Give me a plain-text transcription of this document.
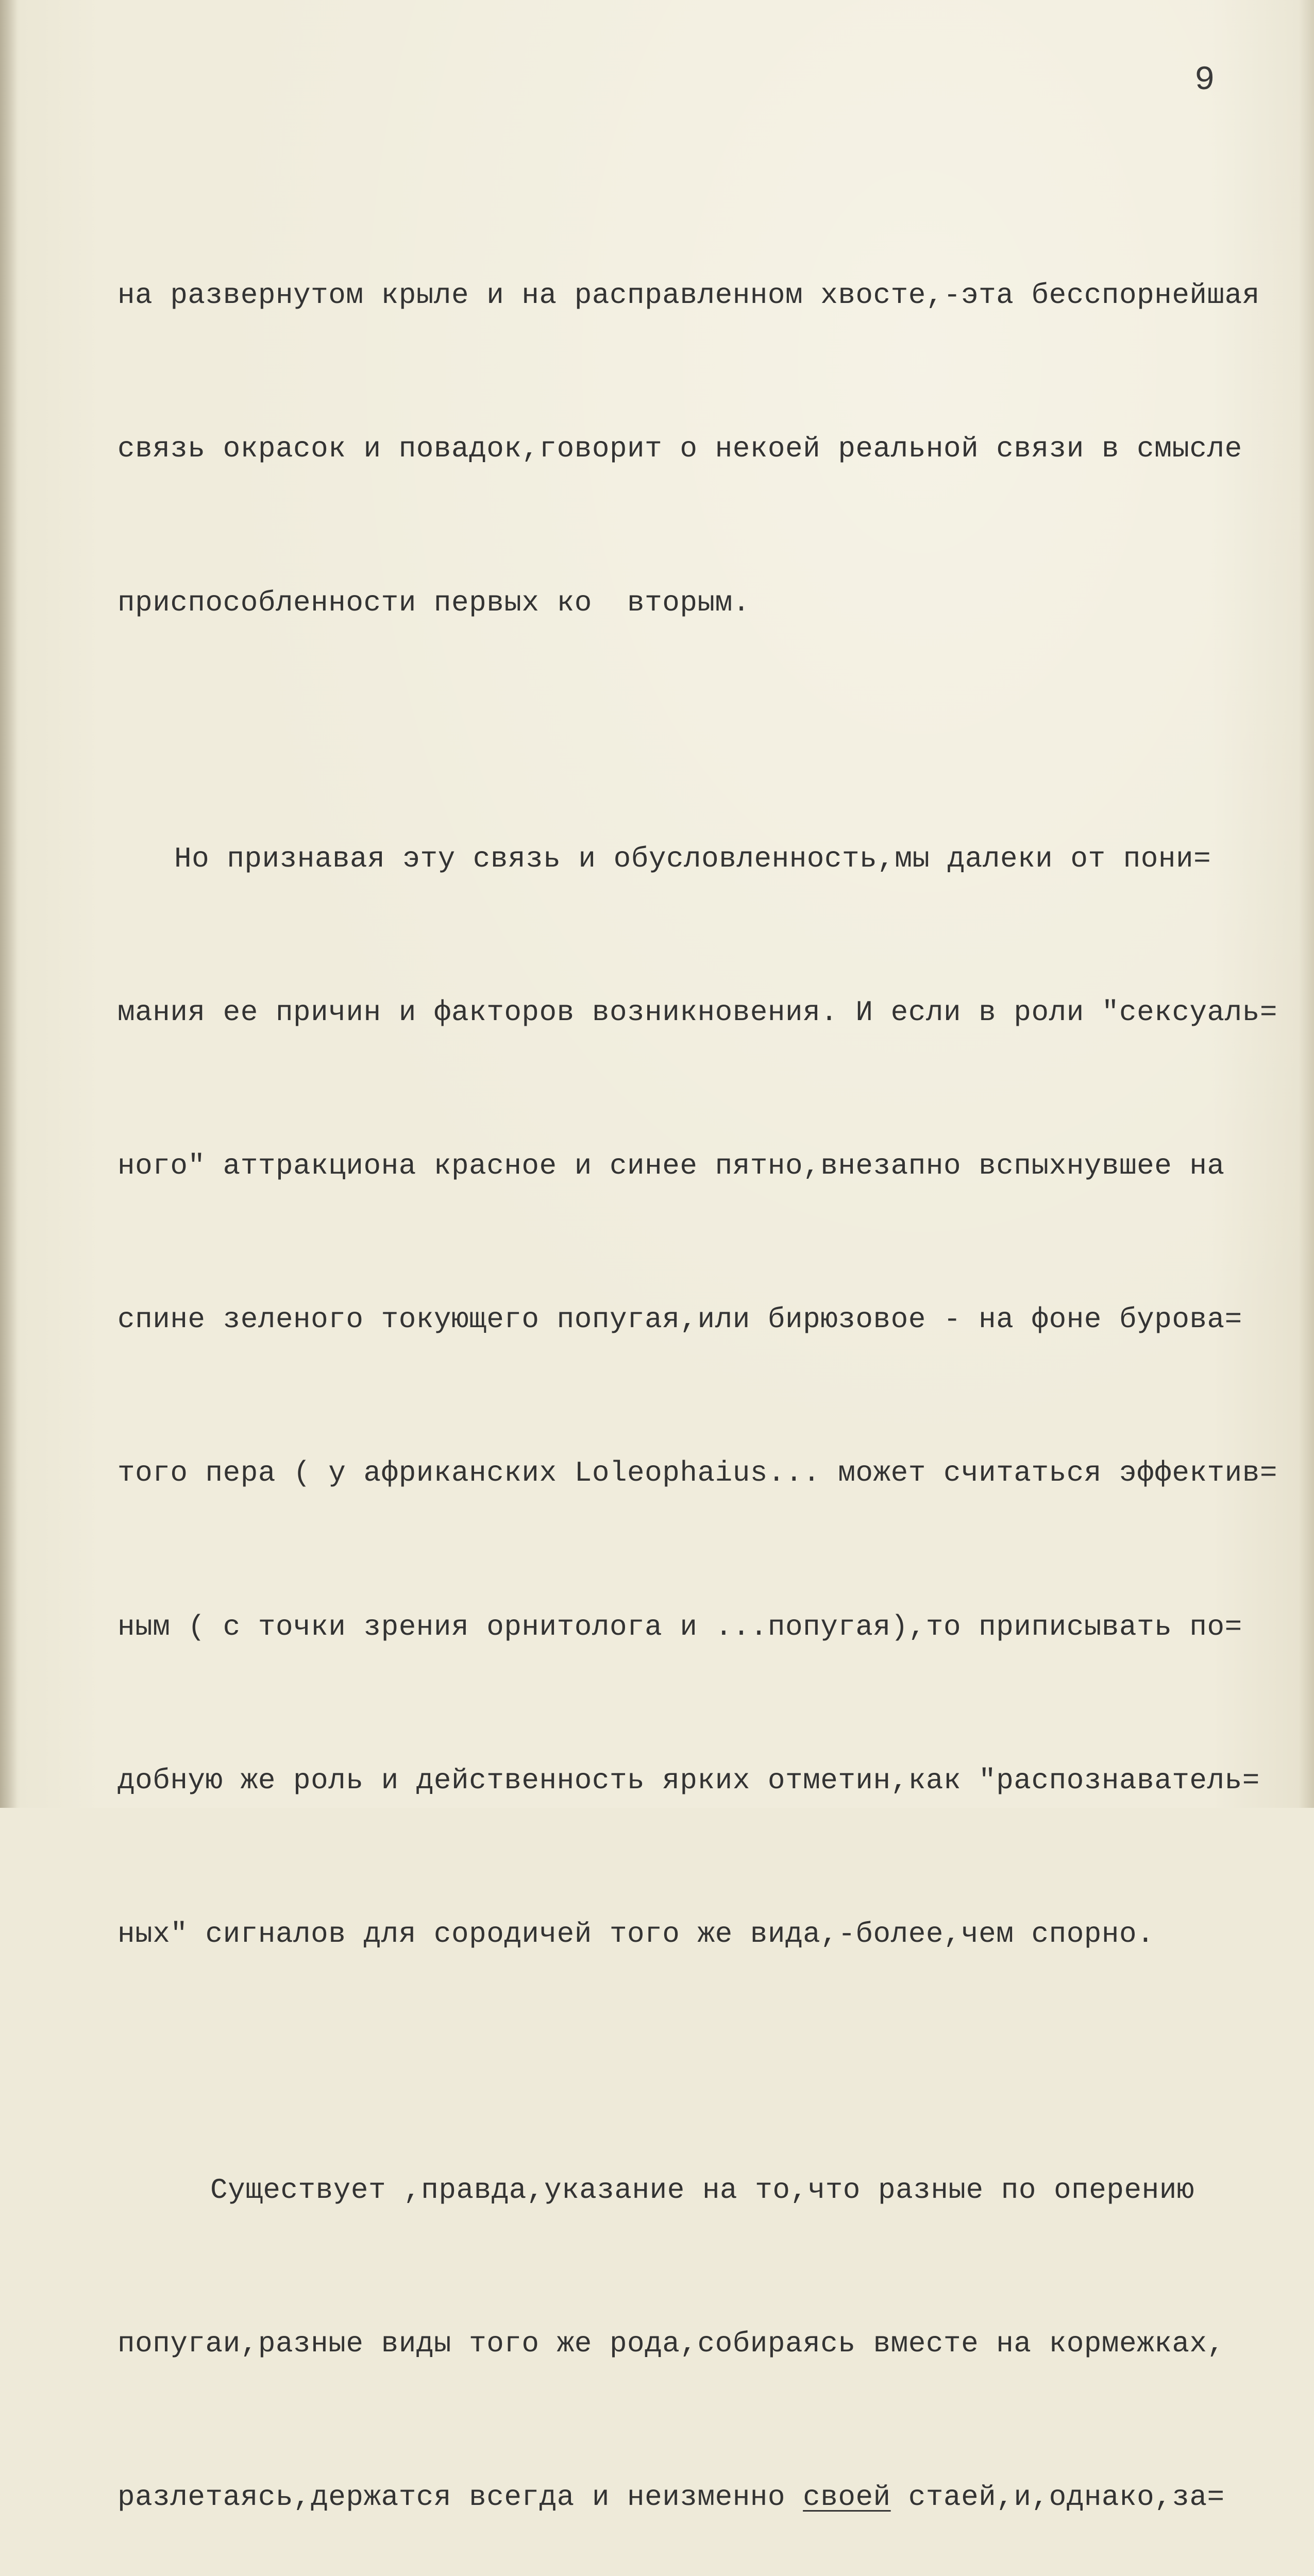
9

на развернутом крыле и на расправленном хвосте,-эта бесспорнейшая

связь окрасок и повадок,говорит о некоей реальной связи в смысле

приспособленности первых ко  вторым.

Но признавая эту связь и обусловленность,мы далеки от пони=

мания ее причин и факторов возникновения. И если в роли "сексуаль=

ного" аттракциона красное и синее пятно,внезапно вспыхнувшее на

спине зеленого токующего попугая,или бирюзовое - на фоне бурова=

того пера ( у африканских Loleophaius... может считаться эффектив=

ным ( с точки зрения орнитолога и ...попугая),то приписывать по=

добную же роль и действенность ярких отметин,как "распознаватель=

ных" сигналов для сородичей того же вида,-более,чем спорно.

Существует ,правда,указание на то,что разные по оперению

попугаи,разные виды того же рода,собираясь вместе на кормежках,

разлетаясь,держатся всегда и неизменно своей стаей,и,однако,за=
